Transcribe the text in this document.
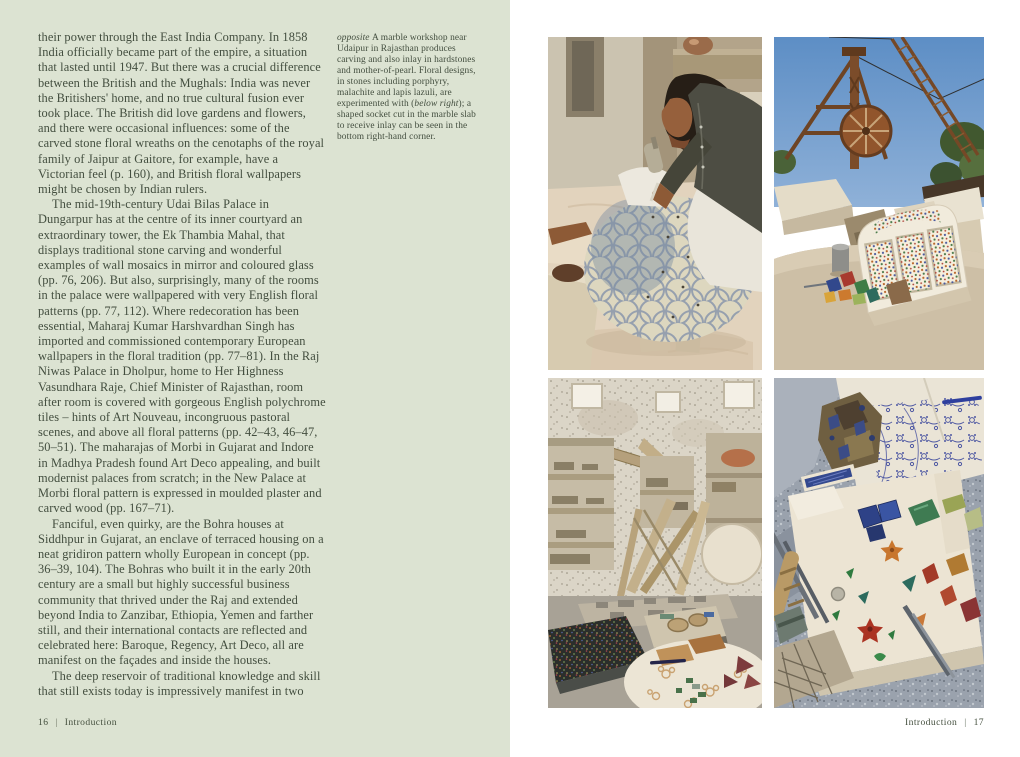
their power through the East India Company. In 1858 India officially became part of the empire, a situation that lasted until 1947. But there was a crucial difference between the British and the Mughals: India was never the Britishers' home, and no true cultural fusion ever took place. The British did love gardens and flowers, and there were occasional influences: some of the carved stone floral wreaths on the cenotaphs of the royal family of Jaipur at Gaitore, for example, have a Victorian feel (p. 160), and British floral wallpapers might be chosen by Indian rulers.

The mid-19th-century Udai Bilas Palace in Dungarpur has at the centre of its inner courtyard an extraordinary tower, the Ek Thambia Mahal, that displays traditional stone carving and wonderful examples of wall mosaics in mirror and coloured glass (pp. 76, 206). But also, surprisingly, many of the rooms in the palace were wallpapered with very English floral patterns (pp. 77, 112). Where redecoration has been essential, Maharaj Kumar Harshvardhan Singh has imported and commissioned contemporary European wallpapers in the floral tradition (pp. 77–81). In the Raj Niwas Palace in Dholpur, home to Her Highness Vasundhara Raje, Chief Minister of Rajasthan, room after room is covered with gorgeous English polychrome tiles – hints of Art Nouveau, incongruous pastoral scenes, and above all floral patterns (pp. 42–43, 46–47, 50–51). The maharajas of Morbi in Gujarat and Indore in Madhya Pradesh found Art Deco appealing, and built modernist palaces from scratch; in the New Palace at Morbi floral pattern is expressed in moulded plaster and carved wood (pp. 167–71).

Fanciful, even quirky, are the Bohra houses at Siddhpur in Gujarat, an enclave of terraced housing on a neat gridiron pattern wholly European in concept (pp. 36–39, 104). The Bohras who built it in the early 20th century are a small but highly successful business community that thrived under the Raj and extended beyond India to Zanzibar, Ethiopia, Yemen and farther still, and their international contacts are reflected and celebrated here: Baroque, Regency, Art Deco, all are manifest on the façades and inside the houses.

The deep reservoir of traditional knowledge and skill that still exists today is impressively manifest in two

opposite A marble workshop near Udaipur in Rajasthan produces carving and also inlay in hardstones and mother-of-pearl. Floral designs, in stones including porphyry, malachite and lapis lazuli, are experimented with (below right); a shaped socket cut in the marble slab to receive inlay can be seen in the bottom right-hand corner.
16 | Introduction	Introduction | 17
